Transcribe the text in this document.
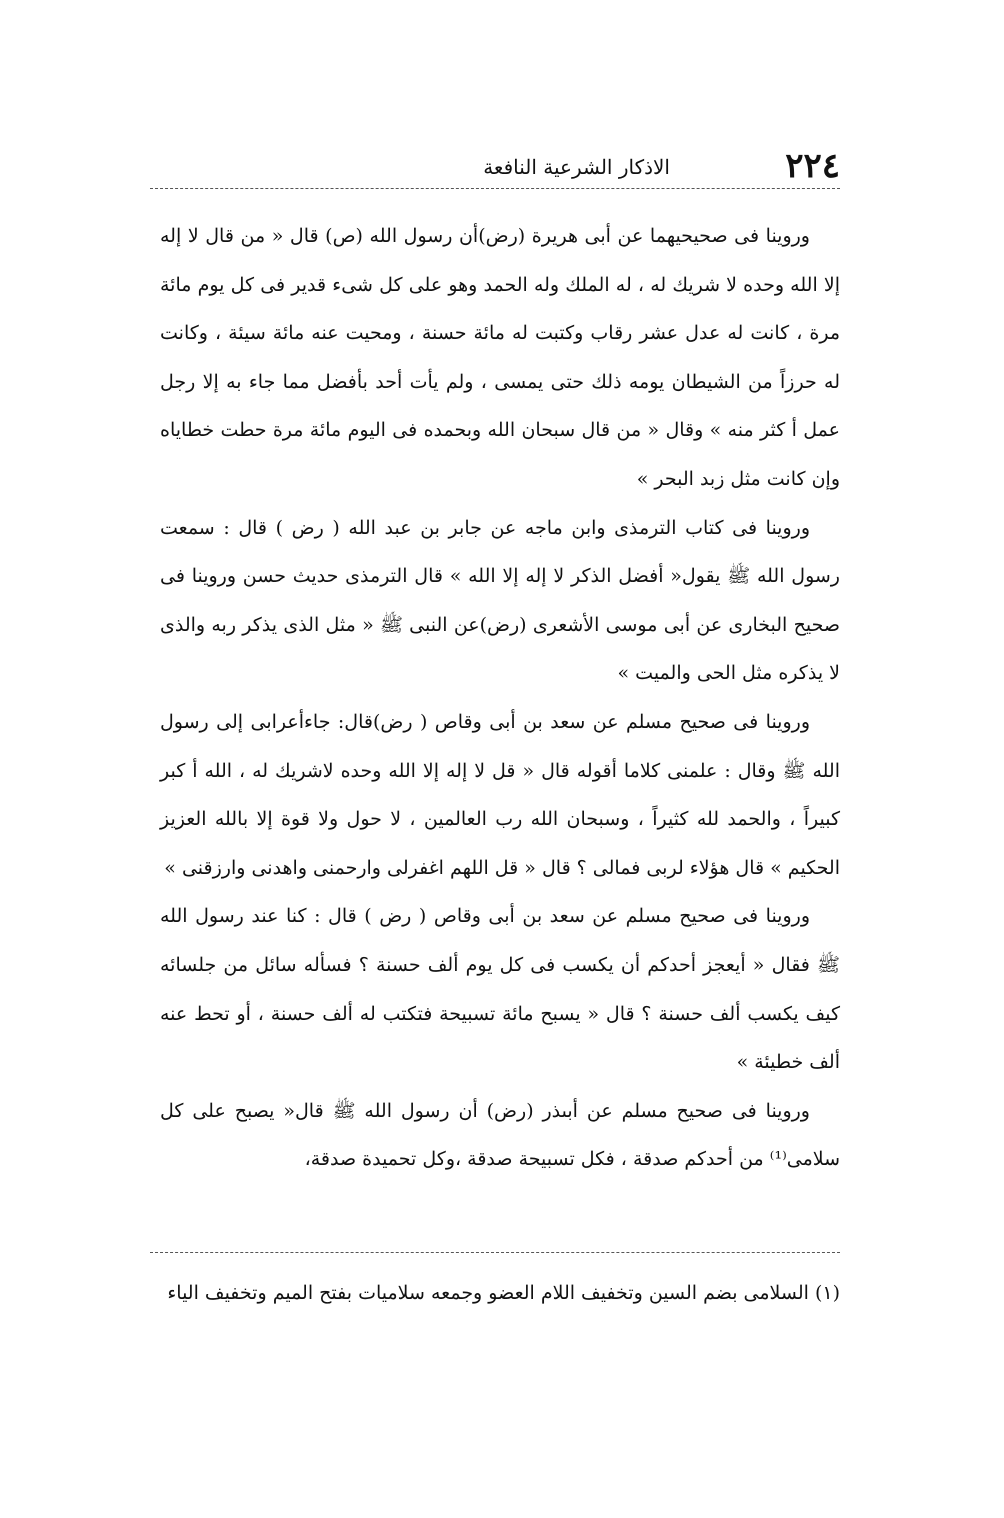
٢٢٤
الاذكار الشرعية النافعة

وروينا فى صحيحيهما عن أبى هريرة (رض)أن رسول الله (ص) قال « من قال لا إله إلا الله وحده لا شريك له ، له الملك وله الحمد وهو على كل شىء قدير فى كل يوم مائة مرة ، كانت له عدل عشر رقاب وكتبت له مائة حسنة ، ومحيت عنه مائة سيئة ، وكانت له حرزاً من الشيطان يومه ذلك حتى يمسى ، ولم يأت أحد بأفضل مما جاء به إلا رجل عمل أ كثر منه » وقال « من قال سبحان الله وبحمده فى اليوم مائة مرة حطت خطاياه وإن كانت مثل زبد البحر »

وروينا فى كتاب الترمذى وابن ماجه عن جابر بن عبد الله ( رض ) قال : سمعت رسول الله ﷺ يقول« أفضل الذكر لا إله إلا الله » قال الترمذى حديث حسن وروينا فى صحيح البخارى عن أبى موسى الأشعرى (رض)عن النبى ﷺ « مثل الذى يذكر ربه والذى لا يذكره مثل الحى والميت »

وروينا فى صحيح مسلم عن سعد بن أبى وقاص ( رض)قال: جاءأعرابى إلى رسول الله ﷺ وقال : علمنى كلاما أقوله قال « قل لا إله إلا الله وحده لاشريك له ، الله أ كبر كبيراً ، والحمد لله كثيراً ، وسبحان الله رب العالمين ، لا حول ولا قوة إلا بالله العزيز الحكيم » قال هؤلاء لربى فمالى ؟ قال « قل اللهم اغفرلى وارحمنى واهدنى وارزقنى »

وروينا فى صحيح مسلم عن سعد بن أبى وقاص ( رض ) قال : كنا عند رسول الله ﷺ فقال « أيعجز أحدكم أن يكسب فى كل يوم ألف حسنة ؟ فسأله سائل من جلسائه كيف يكسب ألف حسنة ؟ قال « يسبح مائة تسبيحة فتكتب له ألف حسنة ، أو تحط عنه ألف خطيئة »

وروينا فى صحيح مسلم عن أبىذر (رض) أن رسول الله ﷺ قال« يصبح على كل سلامى⁽¹⁾ من أحدكم صدقة ، فكل تسبيحة صدقة ،وكل تحميدة صدقة،

(١) السلامى بضم السين وتخفيف اللام العضو وجمعه سلاميات بفتح الميم وتخفيف الياء
